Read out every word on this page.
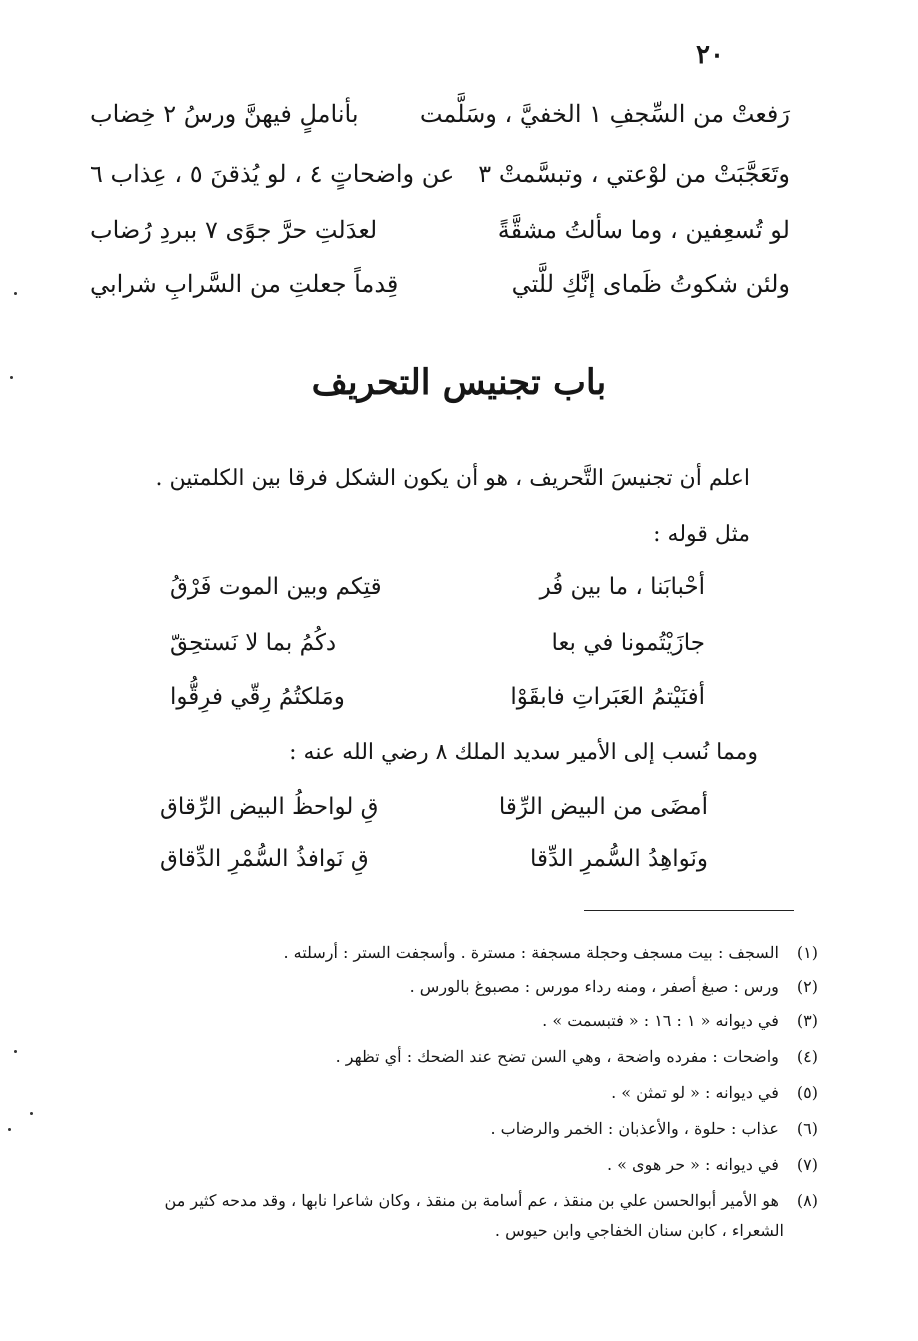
٢٠
رَفعتْ من السِّجفِ ١ الخفيَّ ، وسَلَّمت
بأناملٍ فيهنَّ ورسُ ٢ خِضاب
وتَعَجَّبَتْ من لوْعتي ، وتبسَّمتْ ٣
عن واضحاتٍ ٤ ، لو يُذقنَ ٥ ، عِذاب ٦
لو تُسعِفين ، وما سألتُ مشقَّةً
لعدَلتِ حرَّ جوًى ٧ ببردِ رُضاب
ولئن شكوتُ ظَماى إنَّكِ للَّتي
قِدماً جعلتِ من السَّرابِ شرابي
باب تجنيس التحريف
اعلم أن تجنيسَ التَّحريف ، هو أن يكون الشكل فرقا بين الكلمتين .
مثل قوله :
أحْبابَنا ، ما بين فُر
قتِكم وبين الموت فَرْقُ
جازَيْتُمونا في بعا
دكُمُ بما لا نَستحِقّ
أفنَيْتمُ العَبَراتِ فابقَوْا
ومَلكتُمُ رِقّي فرِقُّوا
ومما نُسب إلى الأمير سديد الملك ٨ رضي الله عنه :
أمضَى من البيض الرِّقا
قِ لواحظُ البيض الرِّقاق
ونَواهِدُ السُّمرِ الدِّقا
قِ نَوافذُ السُّمْرِ الدِّقاق
(١) السجف : بيت مسجف وحجلة مسجفة : مسترة . وأسجفت الستر : أرسلته .
(٢) ورس : صبغ أصفر ، ومنه رداء مورس : مصبوغ بالورس .
(٣) في ديوانه « ١ : ١٦ : « فتبسمت » .
(٤) واضحات : مفرده واضحة ، وهي السن تضح عند الضحك : أي تظهر .
(٥) في ديوانه : « لو تمثن » .
(٦) عذاب : حلوة ، والأعذبان : الخمر والرضاب .
(٧) في ديوانه : « حر هوى » .
(٨) هو الأمير أبوالحسن علي بن منقذ ، عم أسامة بن منقذ ، وكان شاعرا نابها ، وقد مدحه كثير من
الشعراء ، كابن سنان الخفاجي وابن حيوس .
